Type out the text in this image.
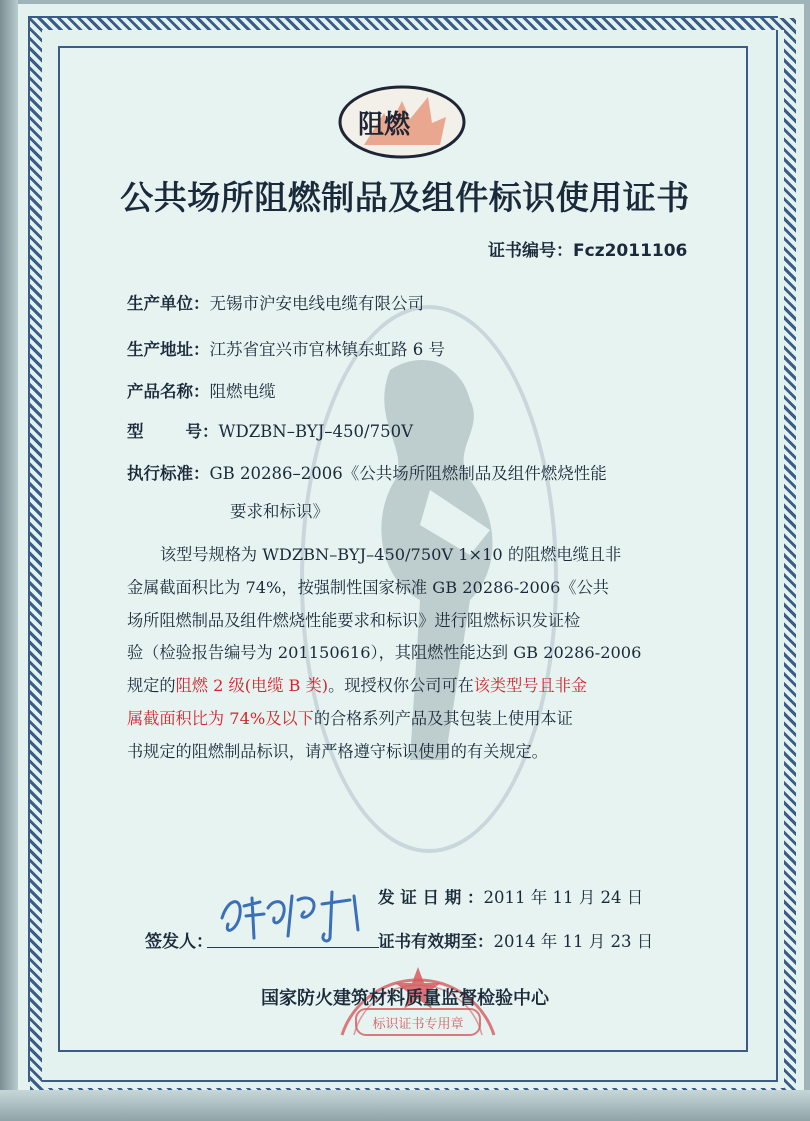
阻燃
公共场所阻燃制品及组件标识使用证书
证书编号：Fcz2011106
生产单位：无锡市沪安电线电缆有限公司
生产地址：江苏省宜兴市官林镇东虹路 6 号
产品名称：阻燃电缆
型	号：WDZBN–BYJ–450/750V
执行标准：GB 20286–2006《公共场所阻燃制品及组件燃烧性能
要求和标识》
该型号规格为 WDZBN–BYJ–450/750V 1×10 的阻燃电缆且非
金属截面积比为 74%，按强制性国家标准 GB 20286-2006《公共
场所阻燃制品及组件燃烧性能要求和标识》进行阻燃标识发证检
验（检验报告编号为 201150616），其阻燃性能达到 GB 20286-2006
规定的阻燃 2 级(电缆 B 类)。现授权你公司可在该类型号且非金
属截面积比为 74%及以下的合格系列产品及其包装上使用本证
书规定的阻燃制品标识，请严格遵守标识使用的有关规定。
标识证书专用章
发 证 日 期 ：2011 年 11 月 24 日
证书有效期至：2014 年 11 月 23 日
签发人：
国家防火建筑材料质量监督检验中心
